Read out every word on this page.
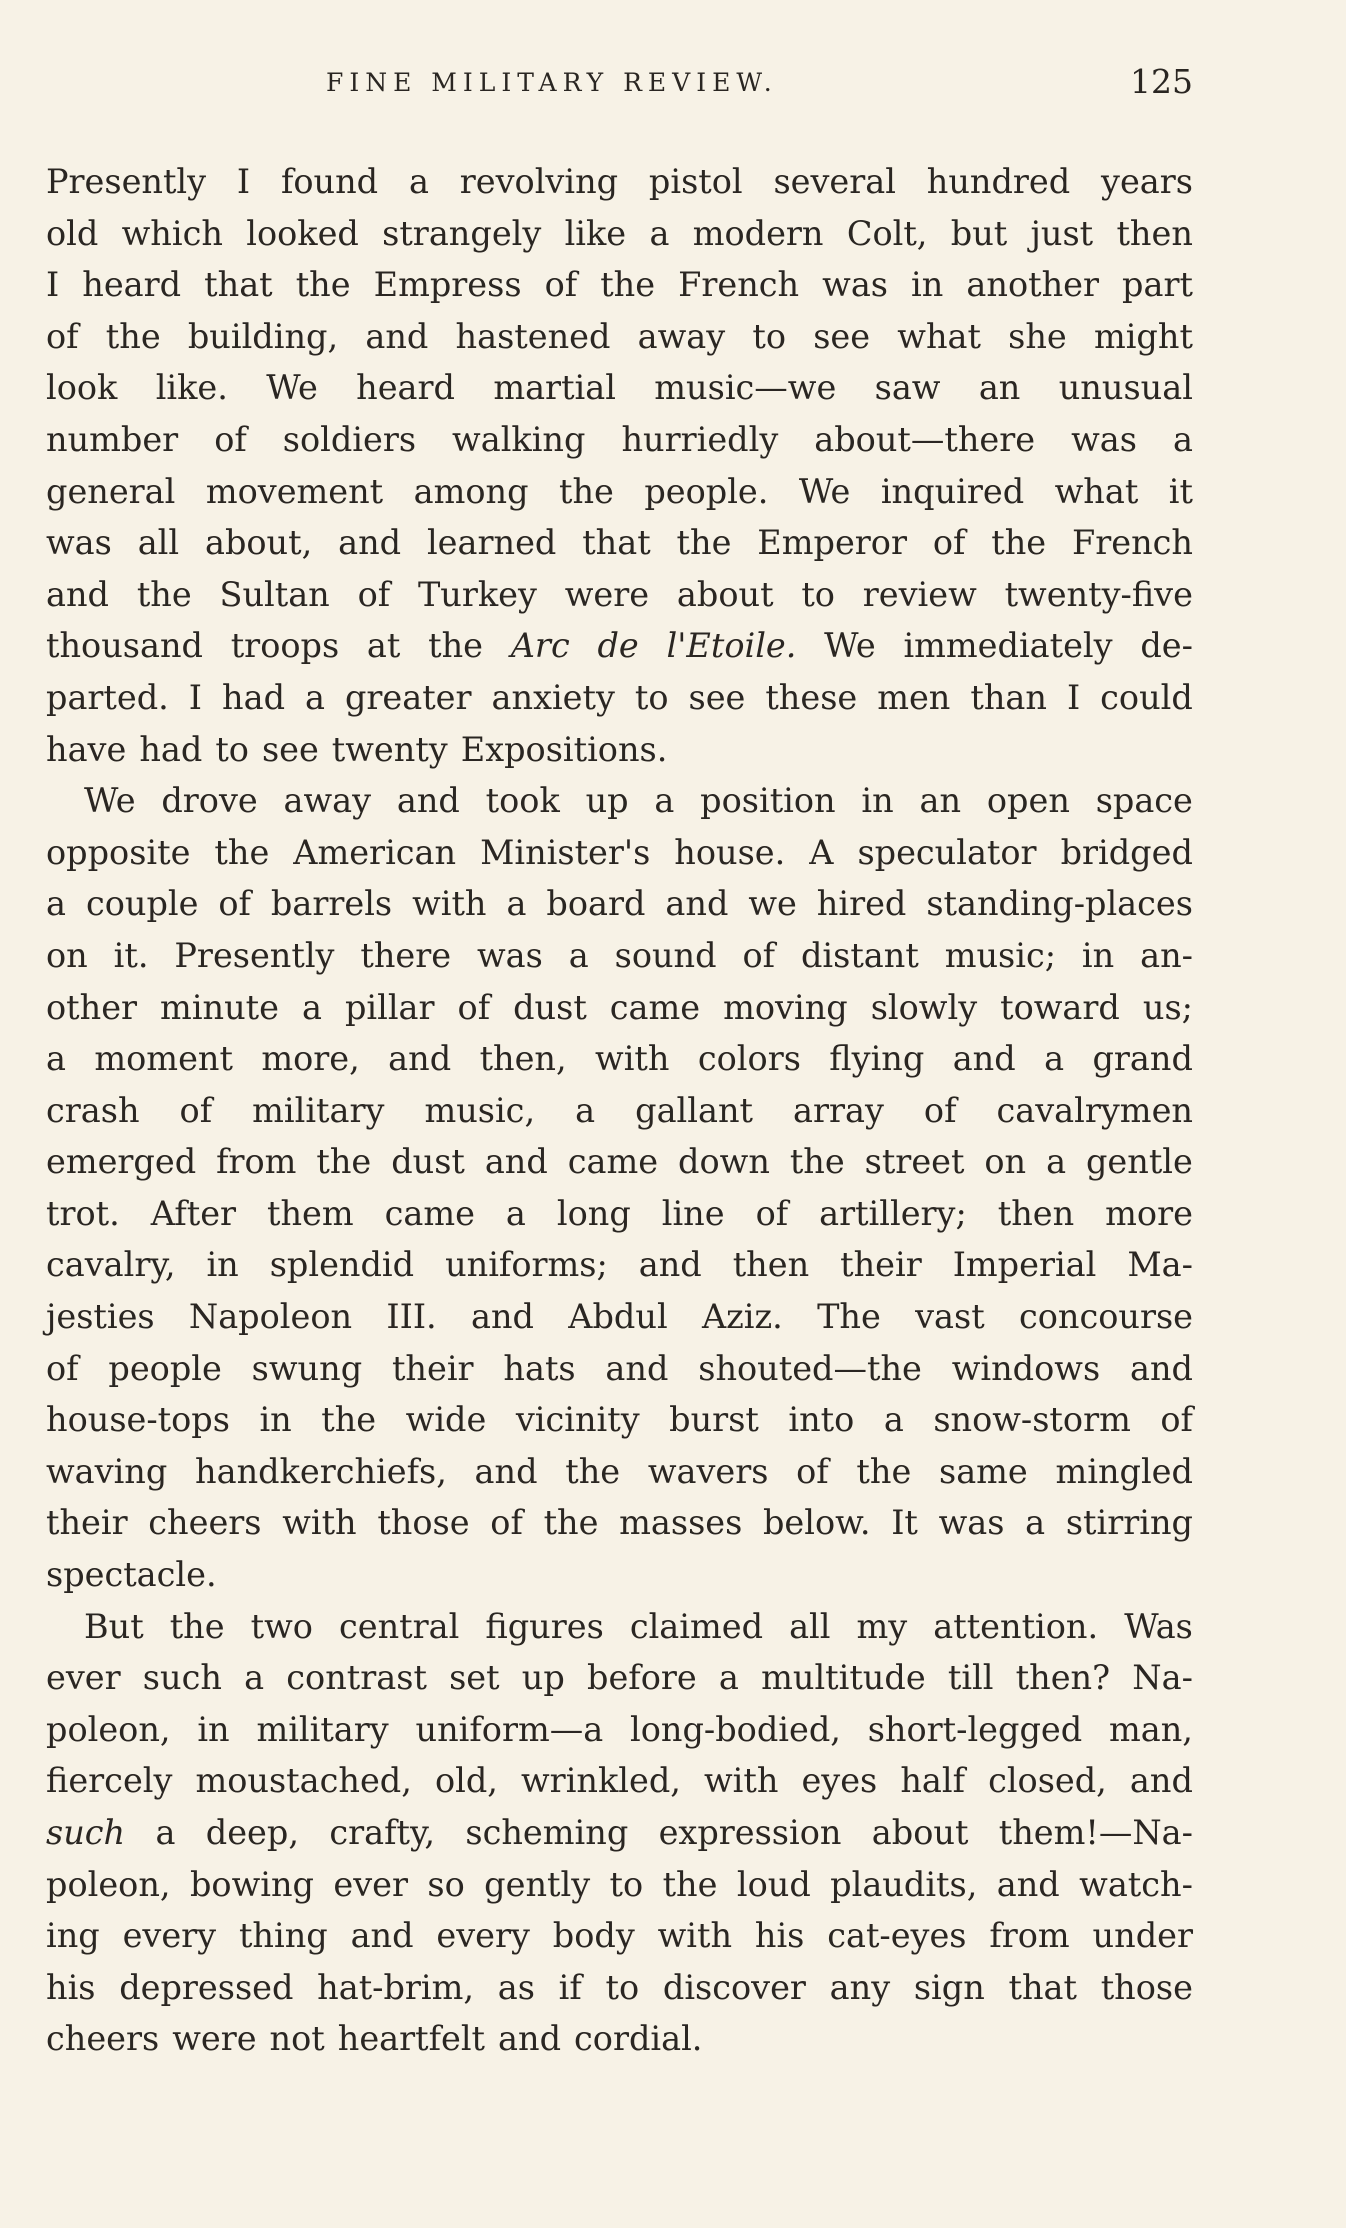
FINE MILITARY REVIEW.	125
Presently I found a revolving pistol several hundred years
old which looked strangely like a modern Colt, but just then
I heard that the Empress of the French was in another part
of the building, and hastened away to see what she might
look like. We heard martial music—we saw an unusual
number of soldiers walking hurriedly about—there was a
general movement among the people. We inquired what it
was all about, and learned that the Emperor of the French
and the Sultan of Turkey were about to review twenty-five
thousand troops at the Arc de l'Etoile. We immediately de-
parted. I had a greater anxiety to see these men than I could
have had to see twenty Expositions.
We drove away and took up a position in an open space
opposite the American Minister's house. A speculator bridged
a couple of barrels with a board and we hired standing-places
on it. Presently there was a sound of distant music; in an-
other minute a pillar of dust came moving slowly toward us;
a moment more, and then, with colors flying and a grand
crash of military music, a gallant array of cavalrymen
emerged from the dust and came down the street on a gentle
trot. After them came a long line of artillery; then more
cavalry, in splendid uniforms; and then their Imperial Ma-
jesties Napoleon III. and Abdul Aziz. The vast concourse
of people swung their hats and shouted—the windows and
house-tops in the wide vicinity burst into a snow-storm of
waving handkerchiefs, and the wavers of the same mingled
their cheers with those of the masses below. It was a stirring
spectacle.
But the two central figures claimed all my attention. Was
ever such a contrast set up before a multitude till then? Na-
poleon, in military uniform—a long-bodied, short-legged man,
fiercely moustached, old, wrinkled, with eyes half closed, and
such a deep, crafty, scheming expression about them!—Na-
poleon, bowing ever so gently to the loud plaudits, and watch-
ing every thing and every body with his cat-eyes from under
his depressed hat-brim, as if to discover any sign that those
cheers were not heartfelt and cordial.
